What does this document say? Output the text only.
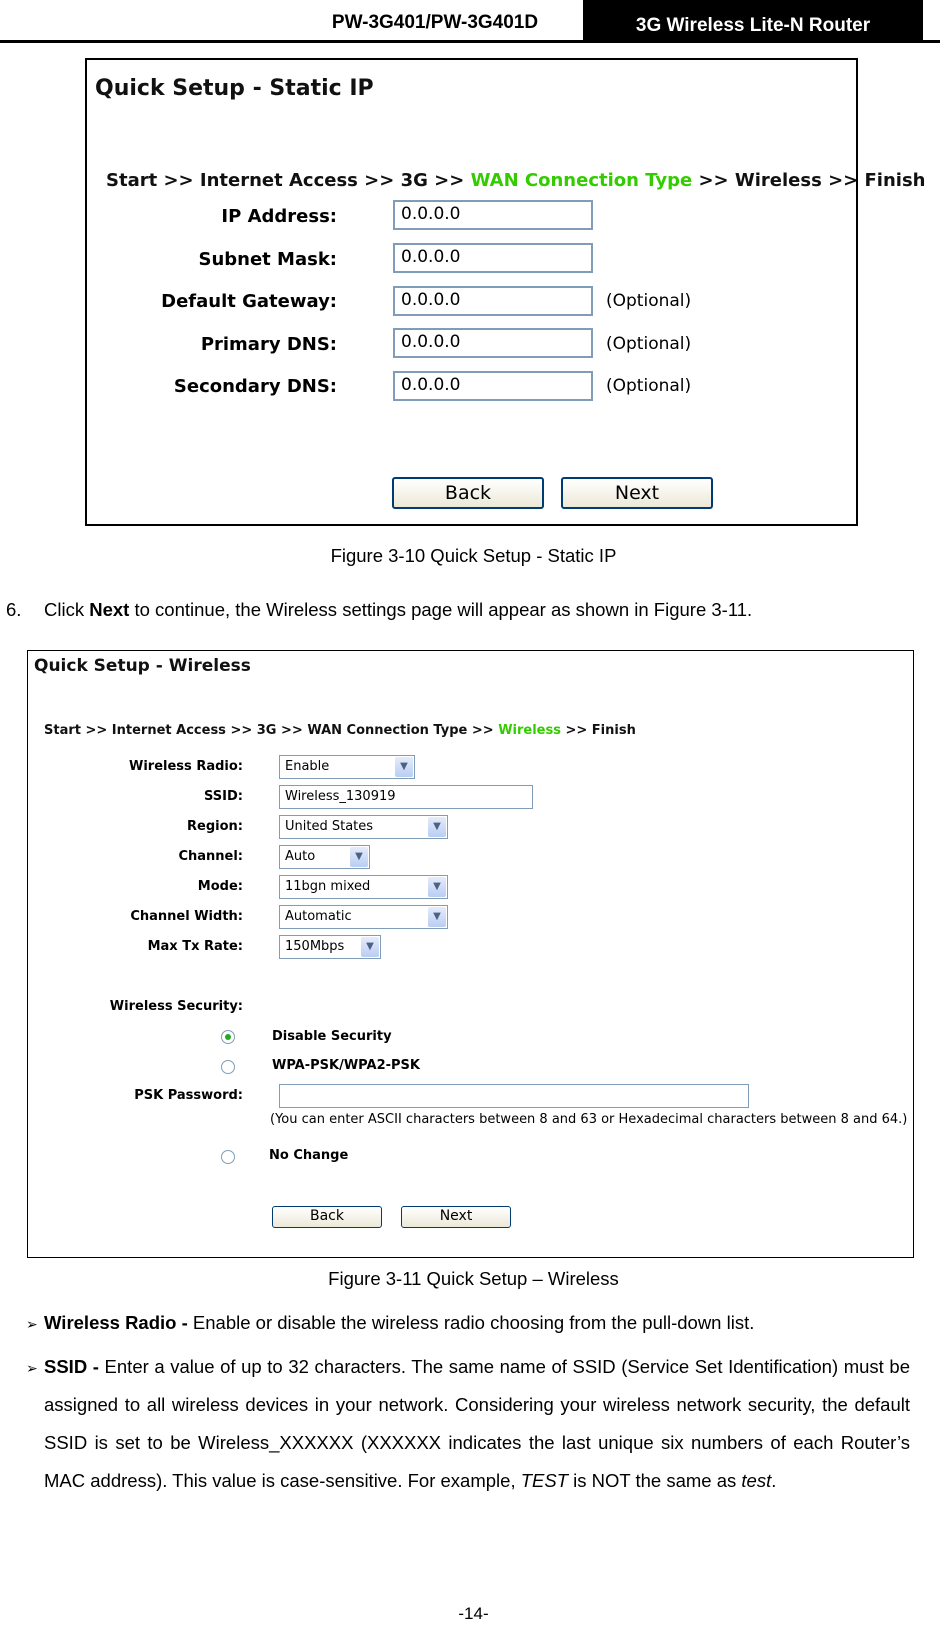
PW-3G401/PW-3G401D	3G Wireless Lite-N Router
Quick Setup - Static IP
Start >> Internet Access >> 3G >> WAN Connection Type >> Wireless >> Finish
IP Address:	0.0.0.0
Subnet Mask:	0.0.0.0
Default Gateway:	0.0.0.0	(Optional)
Primary DNS:	0.0.0.0	(Optional)
Secondary DNS:	0.0.0.0	(Optional)
Back	Next
Figure 3-10 Quick Setup - Static IP
6. Click Next to continue, the Wireless settings page will appear as shown in Figure 3-11.
Quick Setup - Wireless
Start >> Internet Access >> 3G >> WAN Connection Type >> Wireless >> Finish
Wireless Radio:	Enable	▼
SSID:	Wireless_130919
Region:	United States	▼
Channel:	Auto	▼
Mode:	11bgn mixed	▼
Channel Width:	Automatic	▼
Max Tx Rate:	150Mbps	▼
Wireless Security:
Disable Security
WPA-PSK/WPA2-PSK
PSK Password:
(You can enter ASCII characters between 8 and 63 or Hexadecimal characters between 8 and 64.)
No Change
Back	Next
Figure 3-11 Quick Setup – Wireless
➢ Wireless Radio - Enable or disable the wireless radio choosing from the pull-down list.
➢ SSID - Enter a value of up to 32 characters. The same name of SSID (Service Set Identification) must be assigned to all wireless devices in your network. Considering your wireless network security, the default SSID is set to be Wireless_XXXXXX (XXXXXX indicates the last unique six numbers of each Router’s MAC address). This value is case-sensitive. For example, TEST is NOT the same as test.
-14-
